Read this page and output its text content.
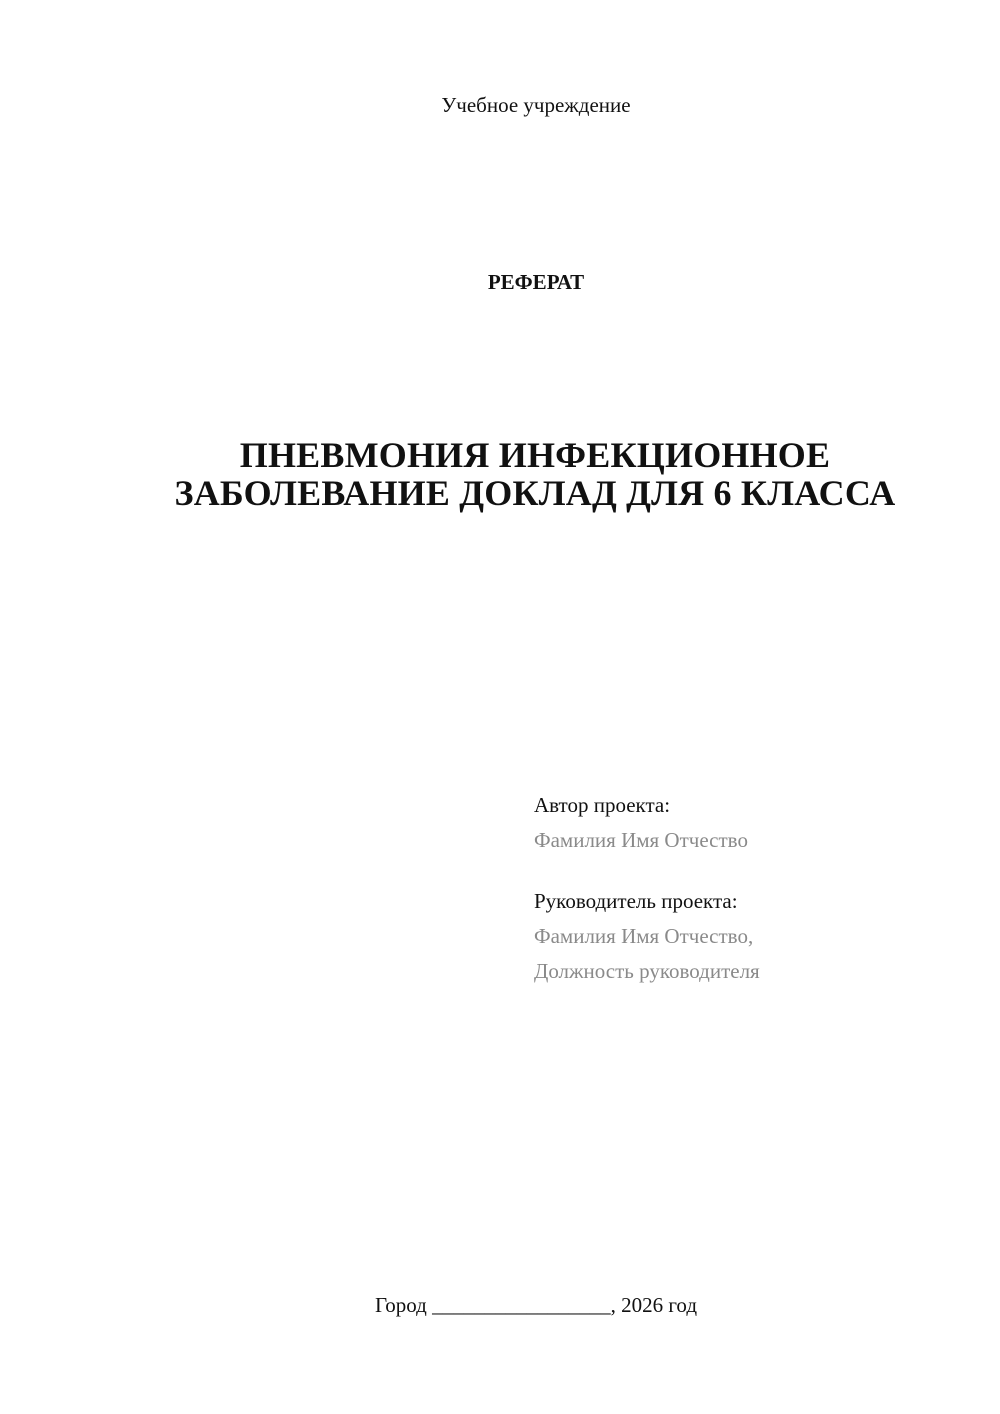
Учебное учреждение
РЕФЕРАТ
ПНЕВМОНИЯ ИНФЕКЦИОННОЕ
ЗАБОЛЕВАНИЕ ДОКЛАД ДЛЯ 6 КЛАССА
Автор проекта:
Фамилия Имя Отчество
Руководитель проекта:
Фамилия Имя Отчество,
Должность руководителя
Город _________________, 2026 год
